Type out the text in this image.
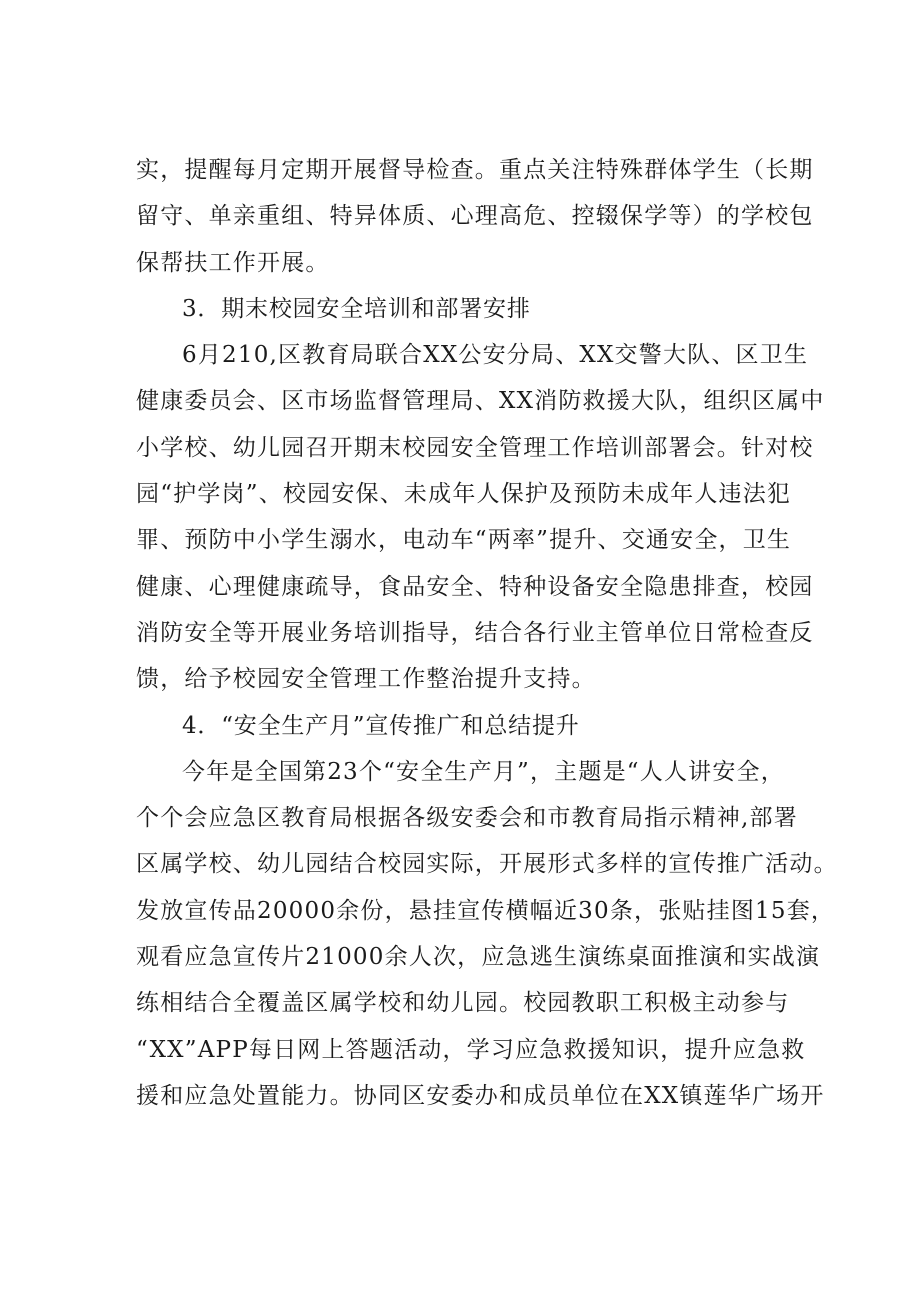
实，提醒每月定期开展督导检查。重点关注特殊群体学生（长期
留守、单亲重组、特异体质、心理高危、控辍保学等）的学校包
保帮扶工作开展。
3．期末校园安全培训和部署安排
6月210,区教育局联合XX公安分局、XX交警大队、区卫生
健康委员会、区市场监督管理局、XX消防救援大队，组织区属中
小学校、幼儿园召开期末校园安全管理工作培训部署会。针对校
园“护学岗”、校园安保、未成年人保护及预防未成年人违法犯
罪、预防中小学生溺水，电动车“两率”提升、交通安全，卫生
健康、心理健康疏导，食品安全、特种设备安全隐患排查，校园
消防安全等开展业务培训指导，结合各行业主管单位日常检查反
馈，给予校园安全管理工作整治提升支持。
4．“安全生产月”宣传推广和总结提升
今年是全国第23个“安全生产月”，主题是“人人讲安全，
个个会应急区教育局根据各级安委会和市教育局指示精神,部署
区属学校、幼儿园结合校园实际，开展形式多样的宣传推广活动。
发放宣传品20000余份，悬挂宣传横幅近30条，张贴挂图15套，
观看应急宣传片21000余人次，应急逃生演练桌面推演和实战演
练相结合全覆盖区属学校和幼儿园。校园教职工积极主动参与
“XX”APP每日网上答题活动，学习应急救援知识，提升应急救
援和应急处置能力。协同区安委办和成员单位在XX镇莲华广场开
